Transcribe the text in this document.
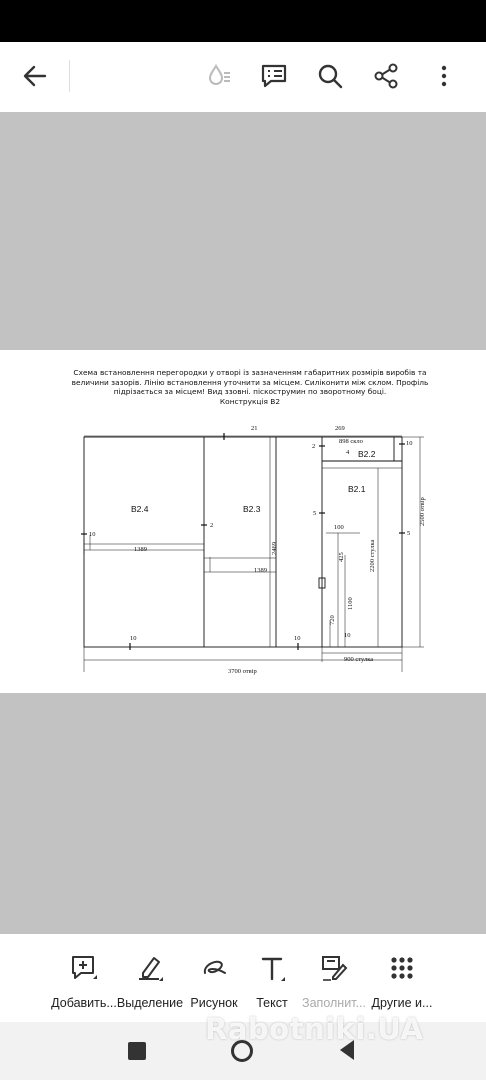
Схема встановлення перегородки у отворі із зазначенням габаритних розмірів виробів та
величини зазорів. Лінію встановлення уточнити за місцем. Силіконити між склом. Профіль
підрізається за місцем! Вид ззовні. піскострумин по зворотному боці.
Конструкція В2
В2.4	В2.3
В2.1
В2.2
21	269
898 скло	10
2
4
10
2
5
5
100
1389
1389
2469
425	2200 стулка
2500 отвір
1100
720
10
10	10
900 стулка
3700 отвір
Добавить... Выделение Рисунок	Текст	Заполнит... Другие и...
Rabotniki.UA
